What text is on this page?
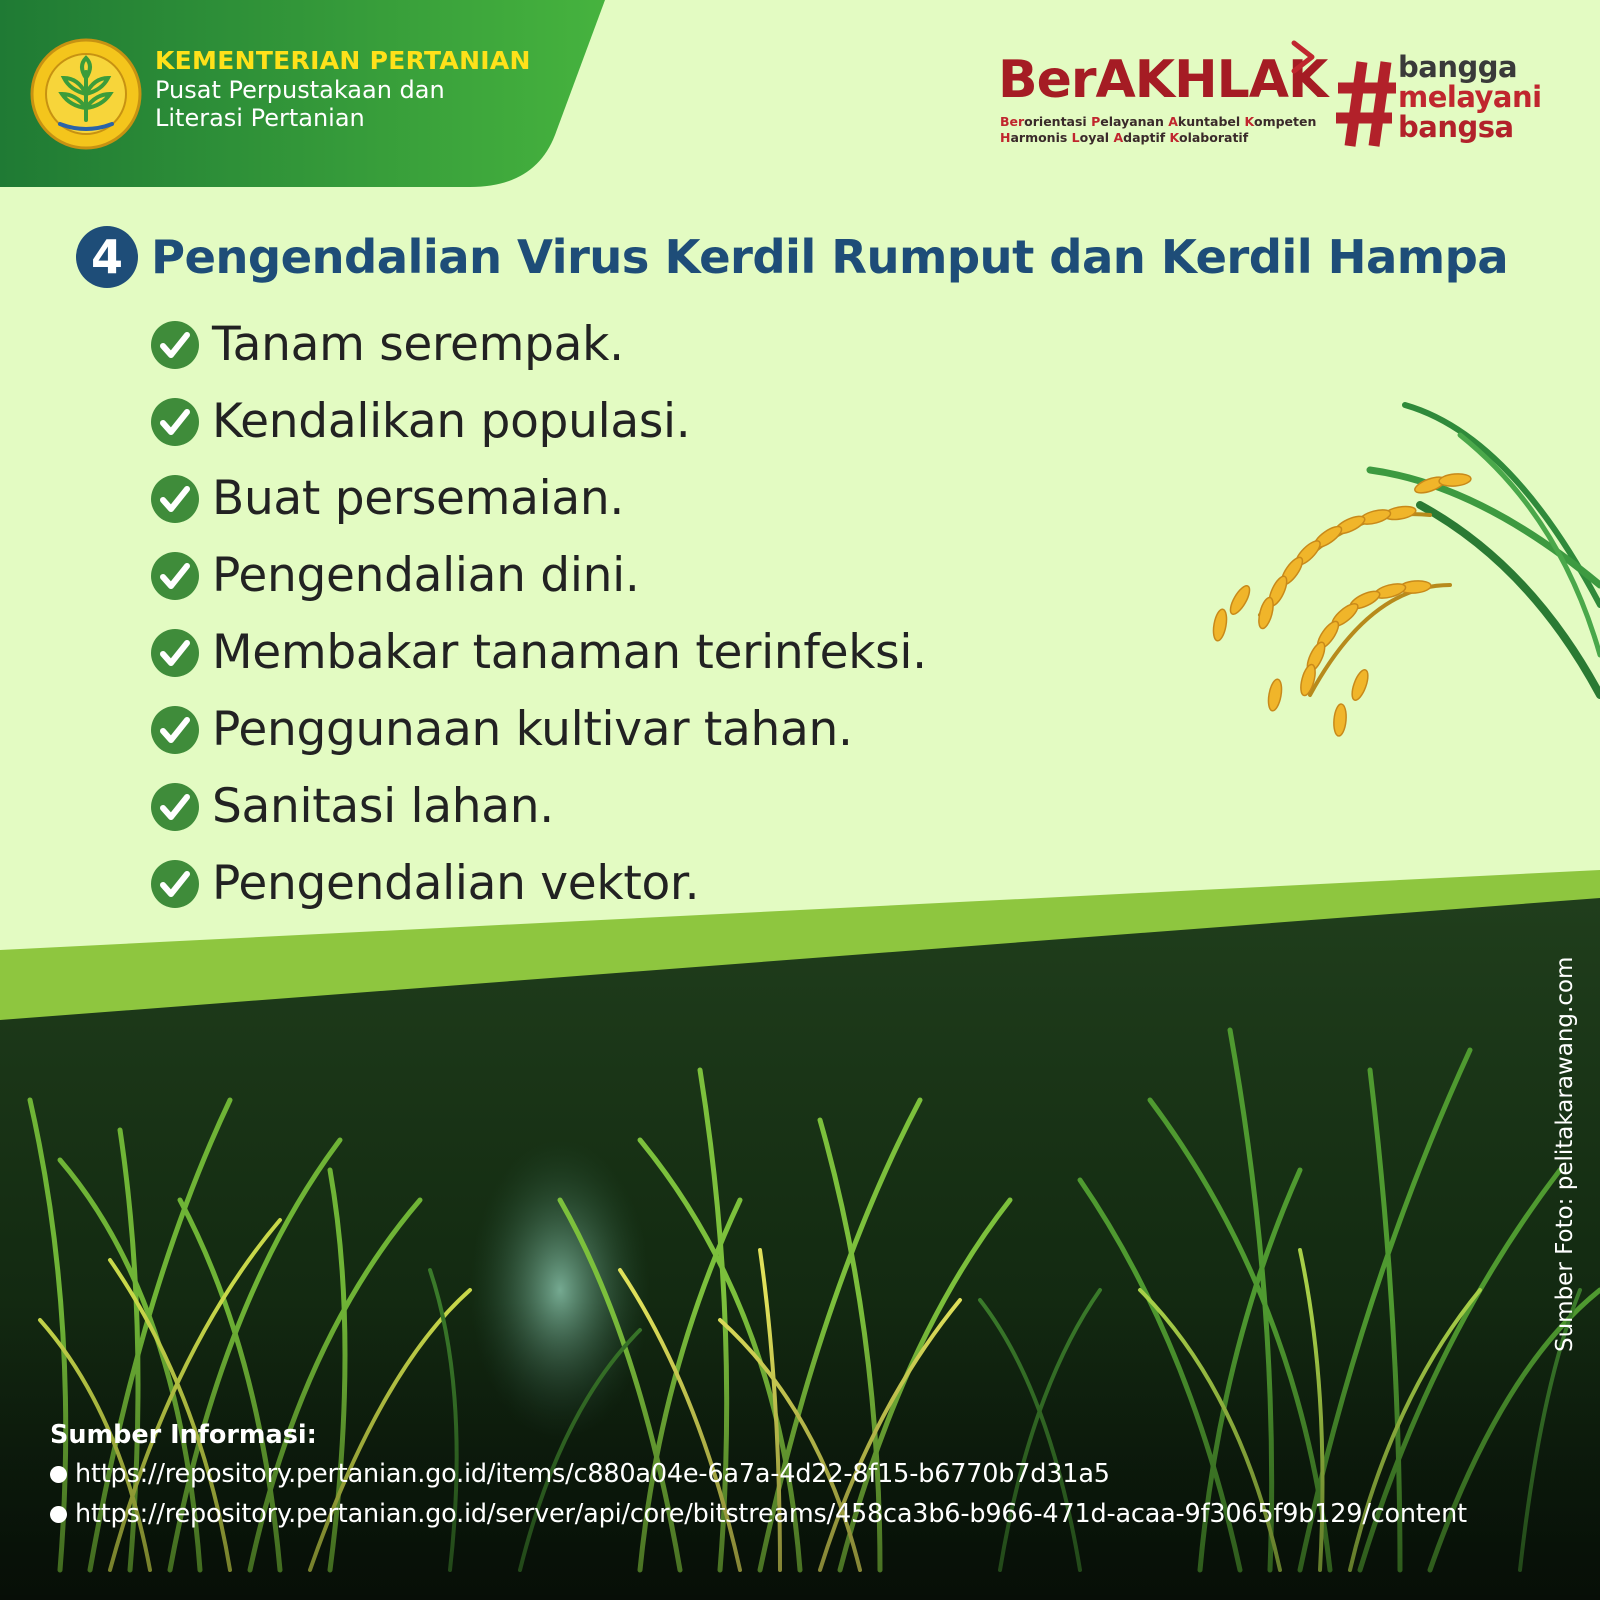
KEMENTERIAN PERTANIAN
Pusat Perpustakaan dan
Literasi Pertanian
BerAKHLAK
Berorientasi Pelayanan Akuntabel Kompeten
Harmonis Loyal Adaptif Kolaboratif
bangga
melayani
bangsa
4 Pengendalian Virus Kerdil Rumput dan Kerdil Hampa
Tanam serempak.
Kendalikan populasi.
Buat persemaian.
Pengendalian dini.
Membakar tanaman terinfeksi.
Penggunaan kultivar tahan.
Sanitasi lahan.
Pengendalian vektor.
Sumber Foto: pelitakarawang.com
Sumber Informasi:
https://repository.pertanian.go.id/items/c880a04e-6a7a-4d22-8f15-b6770b7d31a5
https://repository.pertanian.go.id/server/api/core/bitstreams/458ca3b6-b966-471d-acaa-9f3065f9b129/content
